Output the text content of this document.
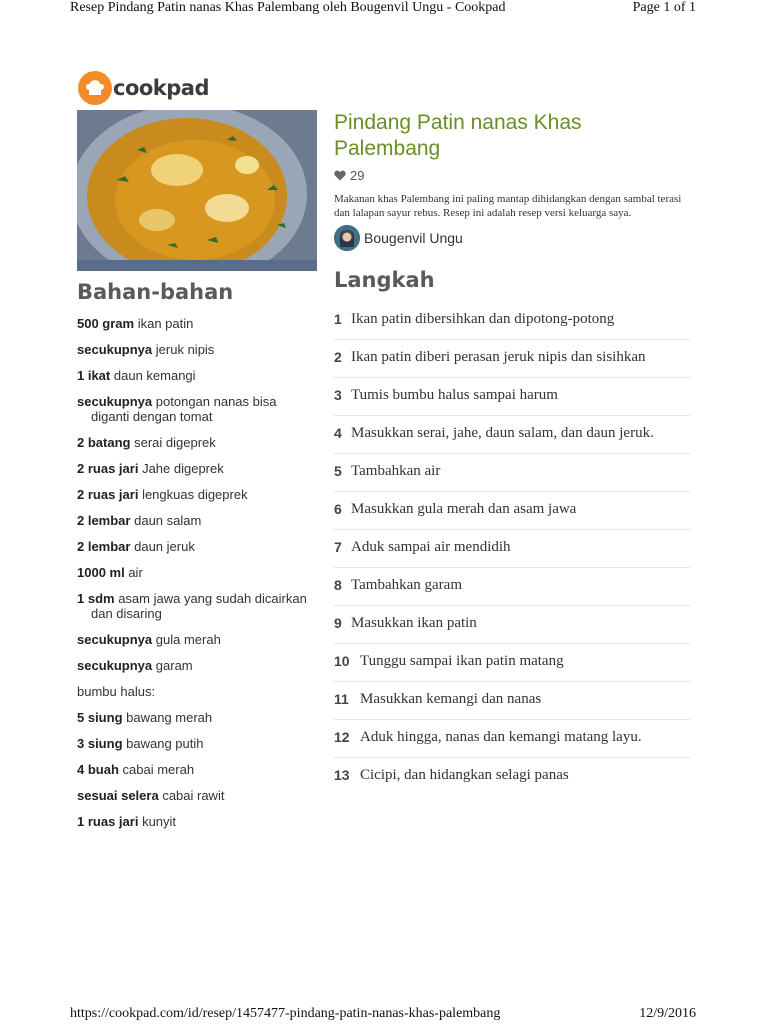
Resep Pindang Patin nanas Khas Palembang oleh Bougenvil Ungu - Cookpad	Page 1 of 1
cookpad
Bahan-bahan
500 gram ikan patin
secukupnya jeruk nipis
1 ikat daun kemangi
secukupnya potongan nanas bisa diganti dengan tomat
2 batang serai digeprek
2 ruas jari Jahe digeprek
2 ruas jari lengkuas digeprek
2 lembar daun salam
2 lembar daun jeruk
1000 ml air
1 sdm asam jawa yang sudah dicairkan dan disaring
secukupnya gula merah
secukupnya garam
bumbu halus:
5 siung bawang merah
3 siung bawang putih
4 buah cabai merah
sesuai selera cabai rawit
1 ruas jari kunyit
Pindang Patin nanas Khas Palembang
29
Makanan khas Palembang ini paling mantap dihidangkan dengan sambal terasi dan lalapan sayur rebus. Resep ini adalah resep versi keluarga saya.
Bougenvil Ungu
Langkah
1 Ikan patin dibersihkan dan dipotong-potong
2 Ikan patin diberi perasan jeruk nipis dan sisihkan
3 Tumis bumbu halus sampai harum
4 Masukkan serai, jahe, daun salam, dan daun jeruk.
5 Tambahkan air
6 Masukkan gula merah dan asam jawa
7 Aduk sampai air mendidih
8 Tambahkan garam
9 Masukkan ikan patin
10 Tunggu sampai ikan patin matang
11 Masukkan kemangi dan nanas
12 Aduk hingga, nanas dan kemangi matang layu.
13 Cicipi, dan hidangkan selagi panas
https://cookpad.com/id/resep/1457477-pindang-patin-nanas-khas-palembang	12/9/2016
